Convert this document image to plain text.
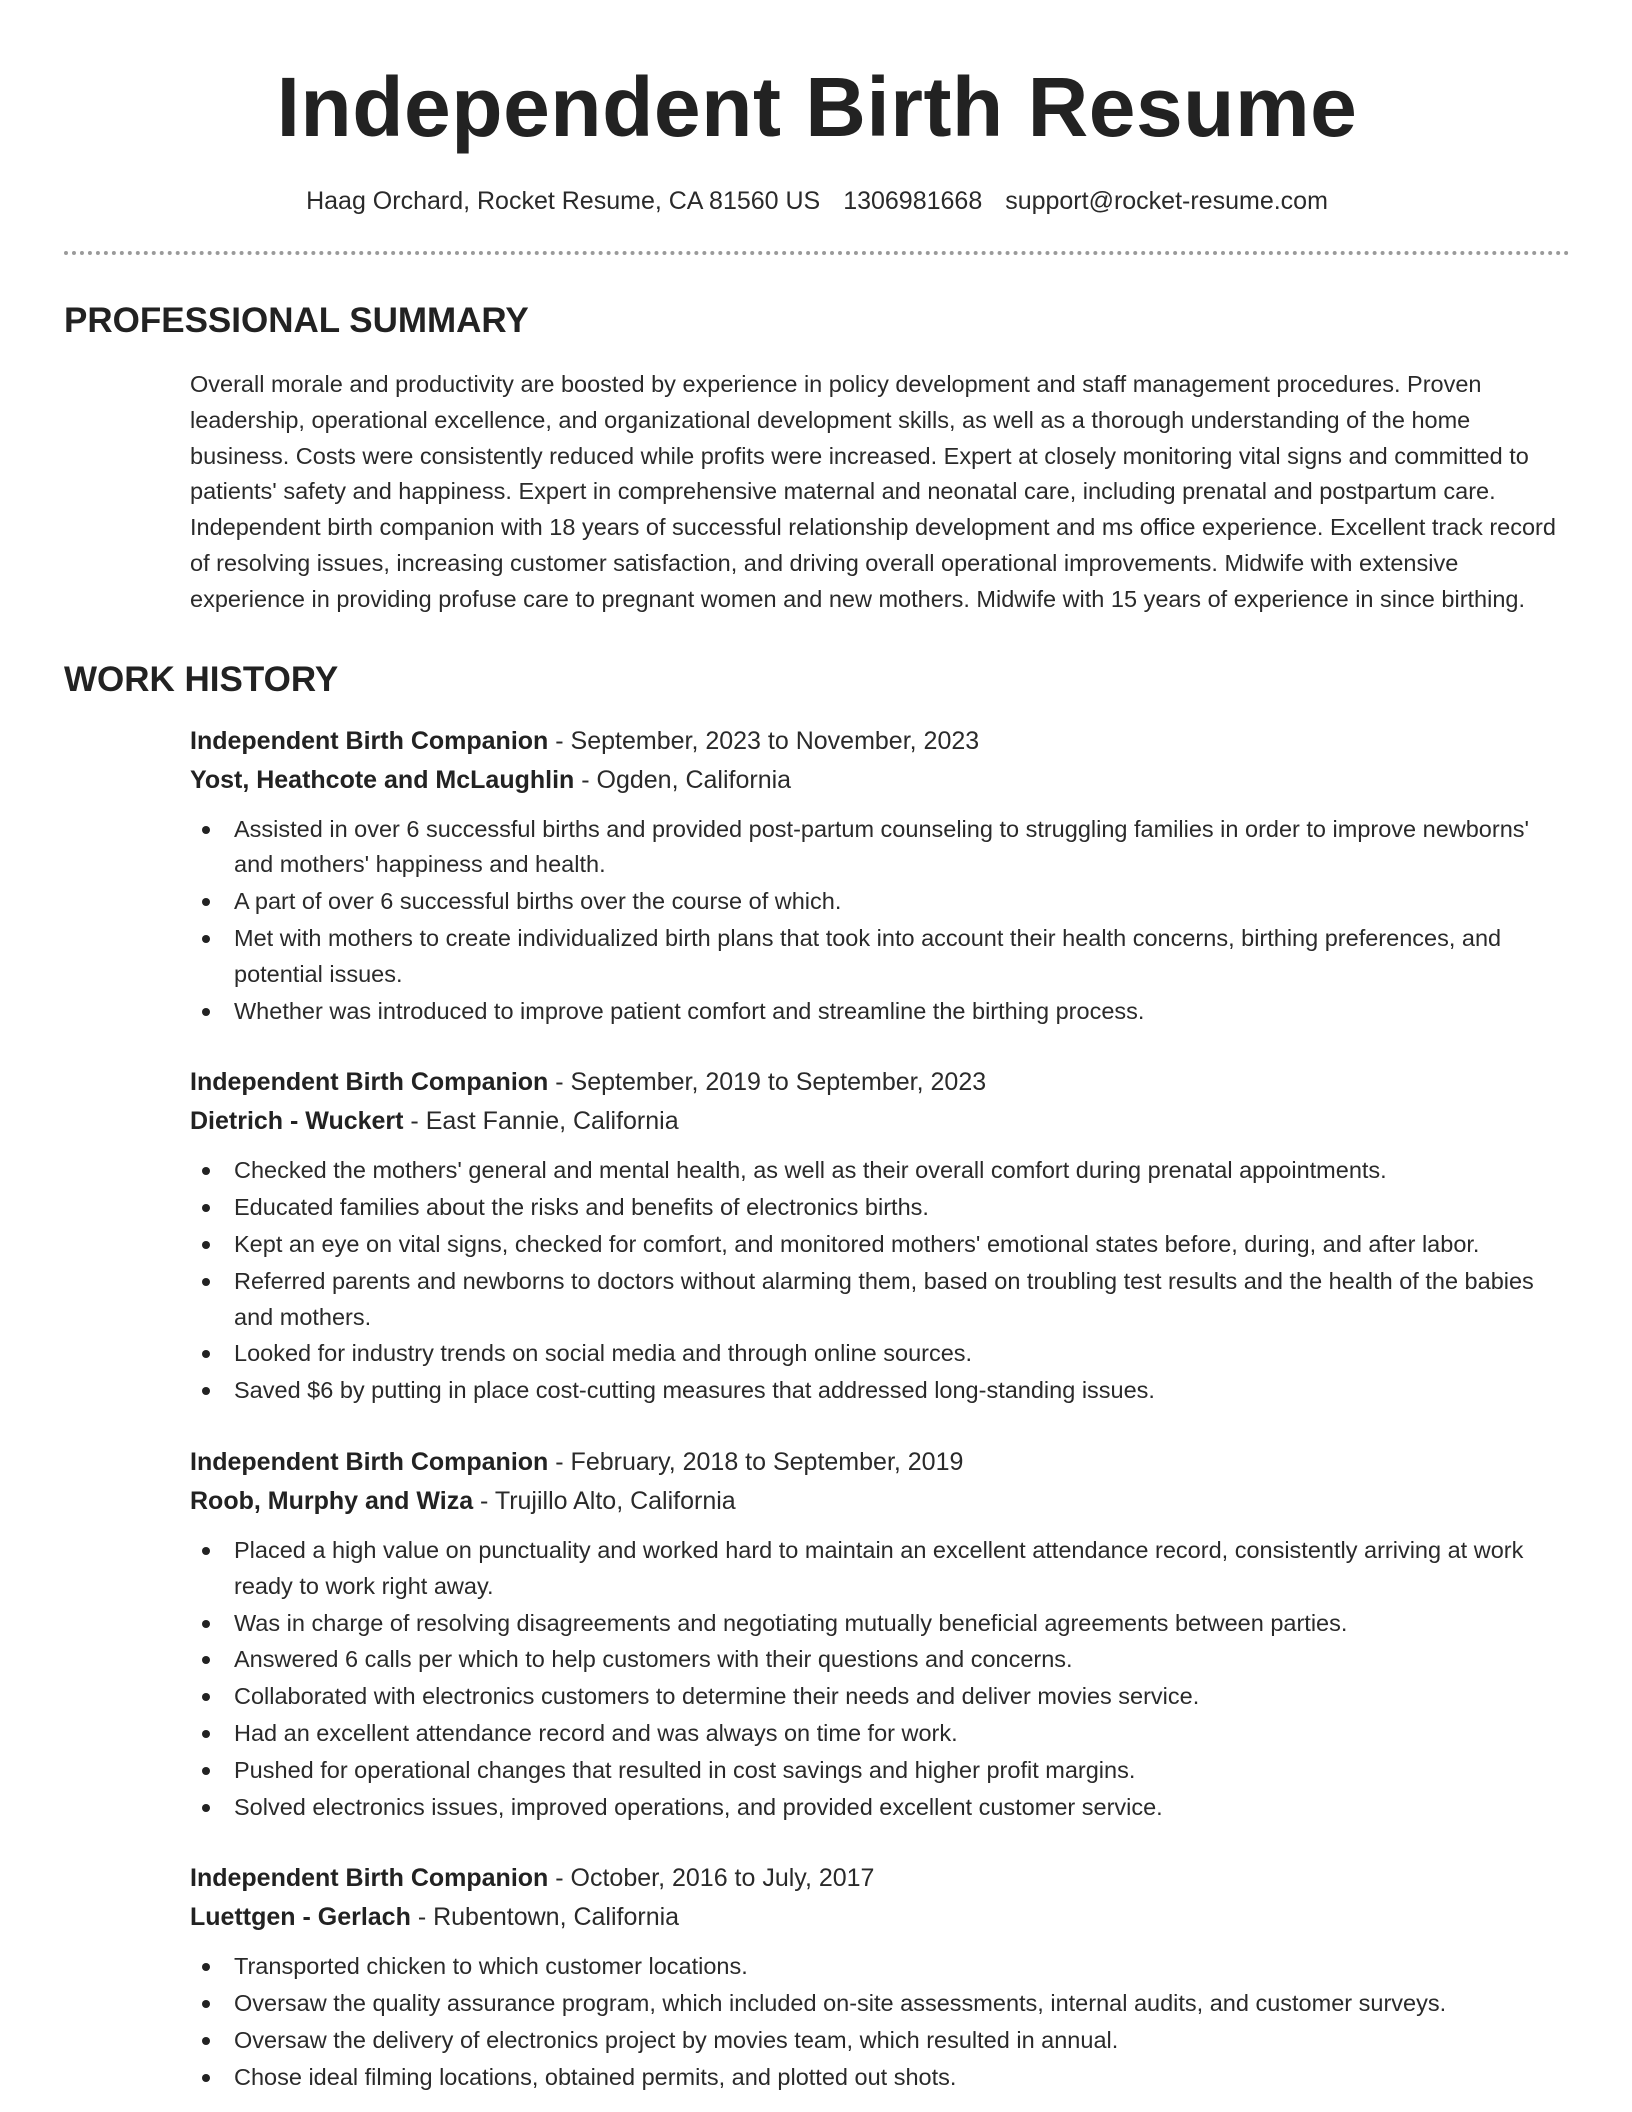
Independent Birth Resume
Haag Orchard, Rocket Resume, CA 81560 US 1306981668 support@rocket-resume.com
PROFESSIONAL SUMMARY

Overall morale and productivity are boosted by experience in policy development and staff management procedures. Proven leadership, operational excellence, and organizational development skills, as well as a thorough understanding of the home business. Costs were consistently reduced while profits were increased. Expert at closely monitoring vital signs and committed to patients' safety and happiness. Expert in comprehensive maternal and neonatal care, including prenatal and postpartum care. Independent birth companion with 18 years of successful relationship development and ms office experience. Excellent track record of resolving issues, increasing customer satisfaction, and driving overall operational improvements. Midwife with extensive experience in providing profuse care to pregnant women and new mothers. Midwife with 15 years of experience in since birthing.

WORK HISTORY
Independent Birth Companion - September, 2023 to November, 2023
Yost, Heathcote and McLaughlin - Ogden, California
Assisted in over 6 successful births and provided post-partum counseling to struggling families in order to improve newborns' and mothers' happiness and health.
A part of over 6 successful births over the course of which.
Met with mothers to create individualized birth plans that took into account their health concerns, birthing preferences, and potential issues.
Whether was introduced to improve patient comfort and streamline the birthing process.
Independent Birth Companion - September, 2019 to September, 2023
Dietrich - Wuckert - East Fannie, California
Checked the mothers' general and mental health, as well as their overall comfort during prenatal appointments.
Educated families about the risks and benefits of electronics births.
Kept an eye on vital signs, checked for comfort, and monitored mothers' emotional states before, during, and after labor.
Referred parents and newborns to doctors without alarming them, based on troubling test results and the health of the babies and mothers.
Looked for industry trends on social media and through online sources.
Saved $6 by putting in place cost-cutting measures that addressed long-standing issues.
Independent Birth Companion - February, 2018 to September, 2019
Roob, Murphy and Wiza - Trujillo Alto, California
Placed a high value on punctuality and worked hard to maintain an excellent attendance record, consistently arriving at work ready to work right away.
Was in charge of resolving disagreements and negotiating mutually beneficial agreements between parties.
Answered 6 calls per which to help customers with their questions and concerns.
Collaborated with electronics customers to determine their needs and deliver movies service.
Had an excellent attendance record and was always on time for work.
Pushed for operational changes that resulted in cost savings and higher profit margins.
Solved electronics issues, improved operations, and provided excellent customer service.
Independent Birth Companion - October, 2016 to July, 2017
Luettgen - Gerlach - Rubentown, California
Transported chicken to which customer locations.
Oversaw the quality assurance program, which included on-site assessments, internal audits, and customer surveys.
Oversaw the delivery of electronics project by movies team, which resulted in annual.
Chose ideal filming locations, obtained permits, and plotted out shots.
